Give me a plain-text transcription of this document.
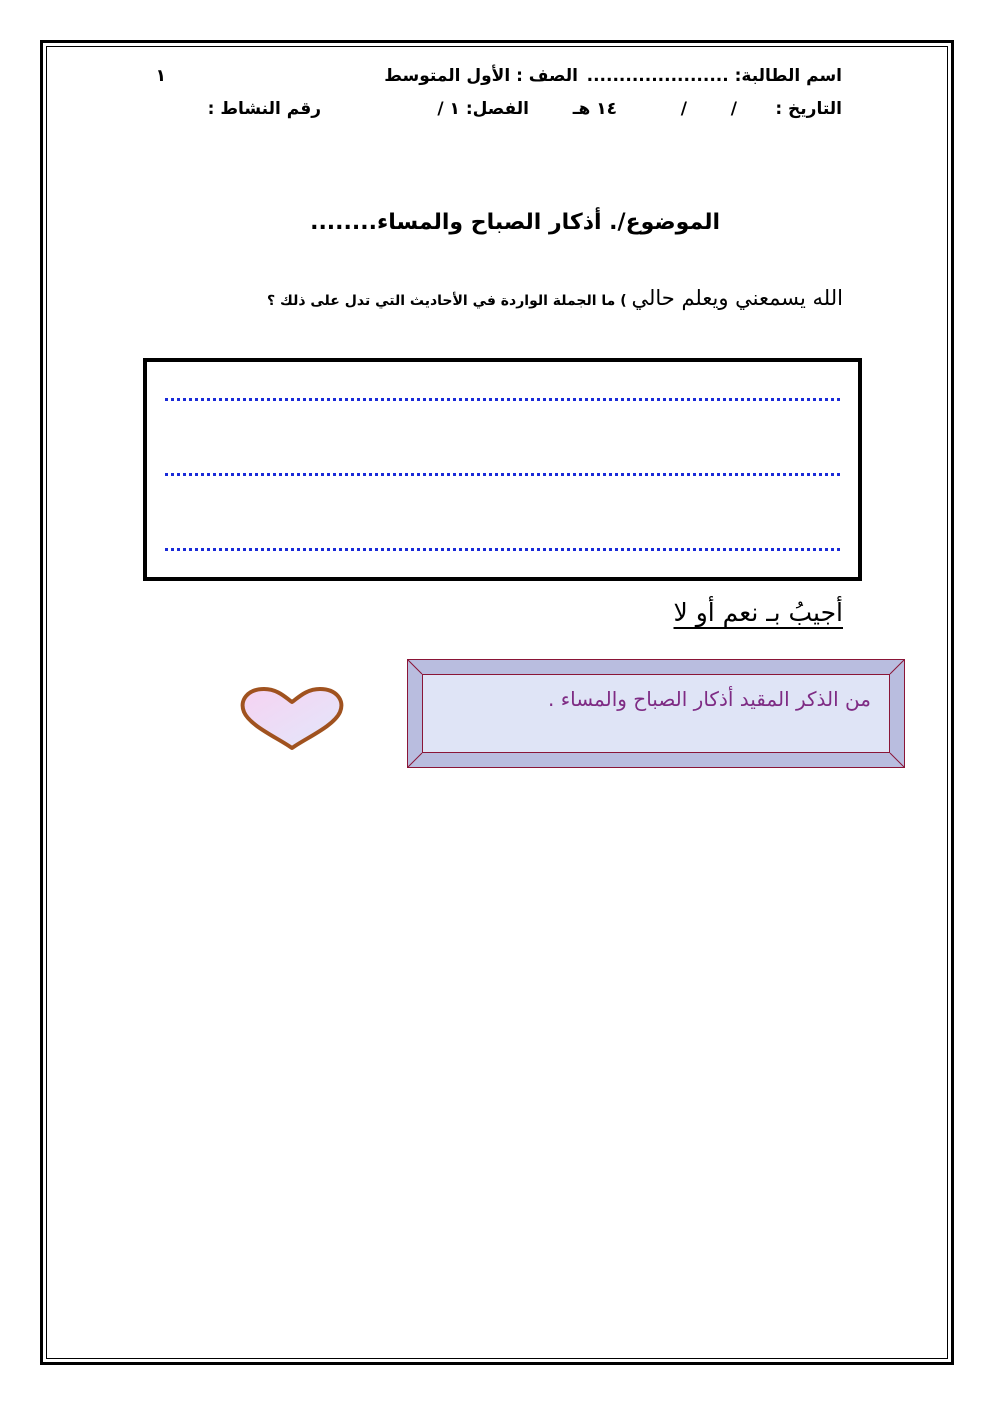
اسم الطالبة: ......................
الصف : الأول المتوسط
١
التاريخ :
/
/
١٤ هـ
الفصل: ١ /
رقم النشاط :
الموضوع/. أذكار الصباح والمساء........
الله يسمعني ويعلم حالي ) ما الجملة الواردة في الأحاديث التي تدل على ذلك ؟
أجيبُ بـ نعم أو لا
من الذكر المقيد أذكار الصباح والمساء .
